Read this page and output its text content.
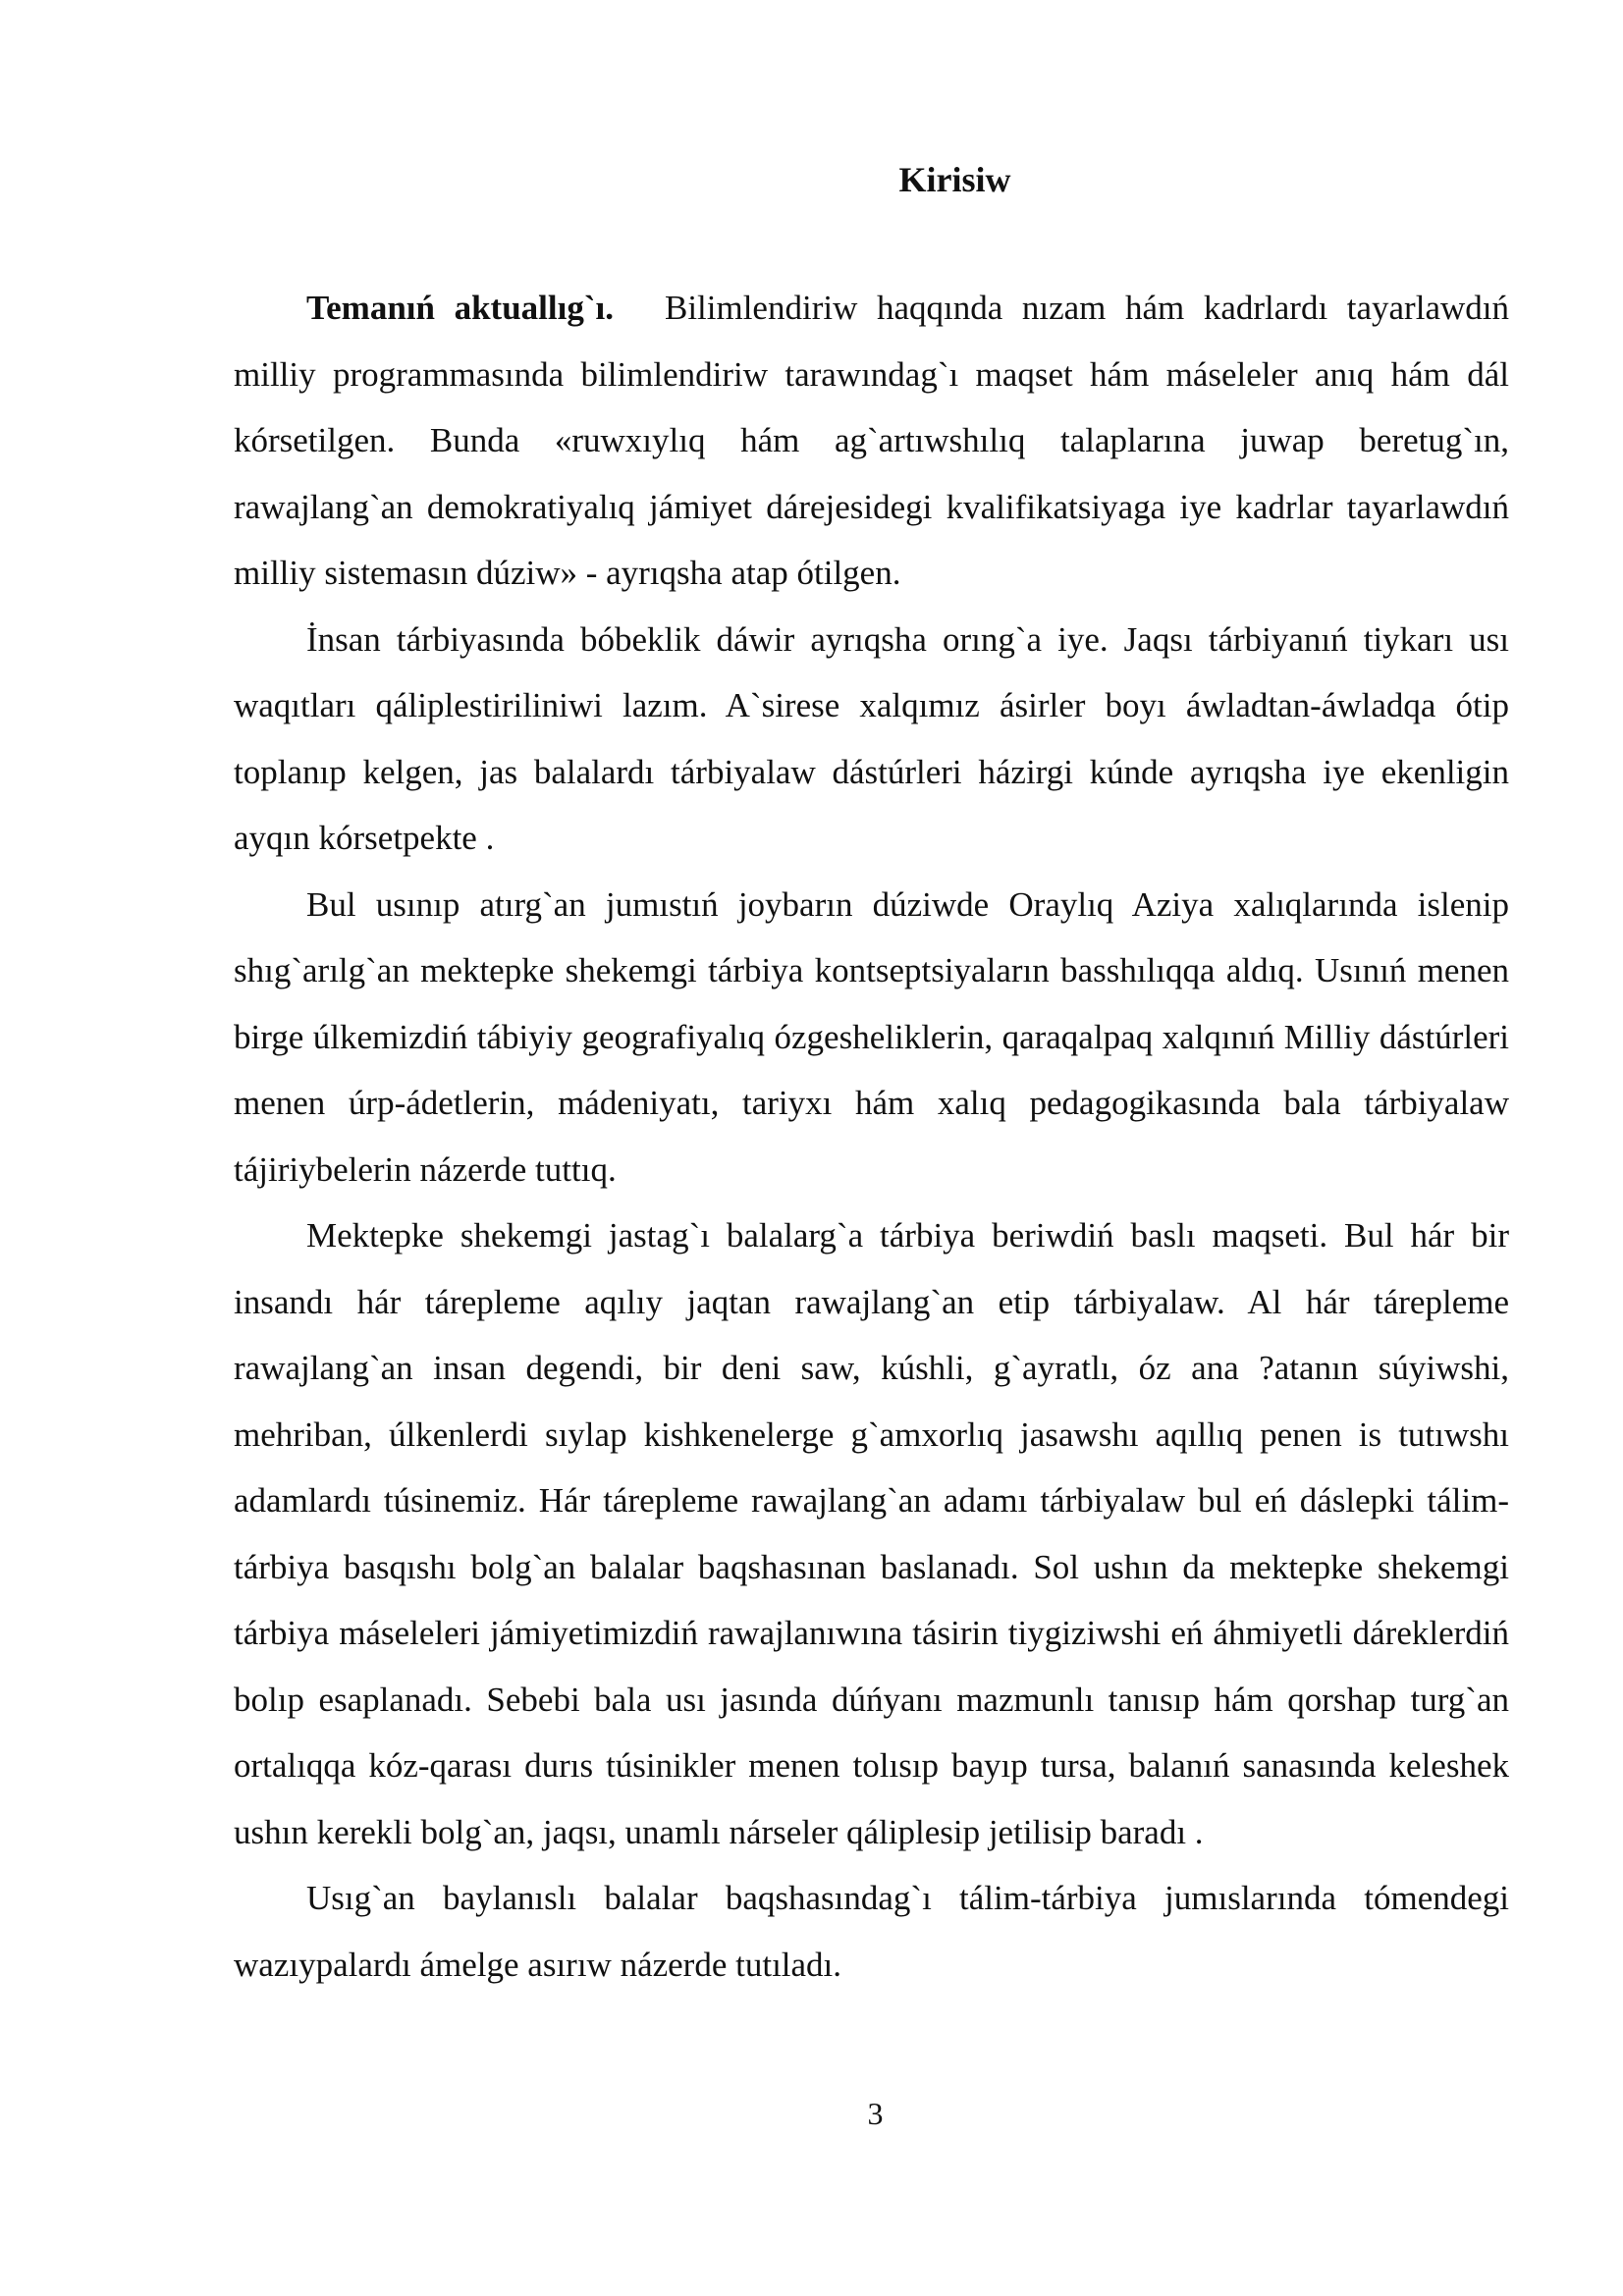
Kirisiw

Temanıń aktuallıg`ı. Bilimlendiriw haqqında nızam hám kadrlardı tayarlawdıń milliy programmasında bilimlendiriw tarawındag`ı maqset hám máseleler anıq hám dál kórsetilgen. Bunda «ruwxıylıq hám ag`artıwshılıq talaplarına juwap beretug`ın, rawajlang`an demokratiyalıq jámiyet dárejesidegi kvalifikatsiyaga iye kadrlar tayarlawdıń milliy sistemasın dúziw» - ayrıqsha atap ótilgen.

İnsan tárbiyasında bóbeklik dáwir ayrıqsha orıng`a iye. Jaqsı tárbiyanıń tiykarı usı waqıtları qáliplestiriliniwi lazım. A`sirese xalqımız ásirler boyı áwladtan-áwladqa ótip toplanıp kelgen, jas balalardı tárbiyalaw dástúrleri házirgi kúnde ayrıqsha iye ekenligin ayqın kórsetpekte .

Bul usınıp atırg`an jumıstıń joybarın dúziwde Oraylıq Aziya xalıqlarında islenip shıg`arılg`an mektepke shekemgi tárbiya kontseptsiyaların basshılıqqa aldıq. Usınıń menen birge úlkemizdiń tábiyiy geografiyalıq ózgesheliklerin, qaraqalpaq xalqınıń Milliy dástúrleri menen úrp-ádetlerin, mádeniyatı, tariyxı hám xalıq pedagogikasında bala tárbiyalaw tájiriybelerin názerde tuttıq.

Mektepke shekemgi jastag`ı balalarg`a tárbiya beriwdiń baslı maqseti. Bul hár bir insandı hár tárepleme aqılıy jaqtan rawajlang`an etip tárbiyalaw. Al hár tárepleme rawajlang`an insan degendi, bir deni saw, kúshli, g`ayratlı, óz ana ?atanın súyiwshi, mehriban, úlkenlerdi sıylap kishkenelerge g`amxorlıq jasawshı aqıllıq penen is tutıwshı adamlardı túsinemiz. Hár tárepleme rawajlang`an adamı tárbiyalaw bul eń dáslepki tálim-tárbiya basqıshı bolg`an balalar baqshasınan baslanadı. Sol ushın da mektepke shekemgi tárbiya máseleleri jámiyetimizdiń rawajlanıwına tásirin tiygiziwshi eń áhmiyetli dáreklerdiń bolıp esaplanadı. Sebebi bala usı jasında dúńyanı mazmunlı tanısıp hám qorshap turg`an ortalıqqa kóz-qarası durıs túsinikler menen tolısıp bayıp tursa, balanıń sanasında keleshek ushın kerekli bolg`an, jaqsı, unamlı nárseler qáliplesip jetilisip baradı .

Usıg`an baylanıslı balalar baqshasındag`ı tálim-tárbiya jumıslarında tómendegi wazıypalardı ámelge asırıw názerde tutıladı.

3
